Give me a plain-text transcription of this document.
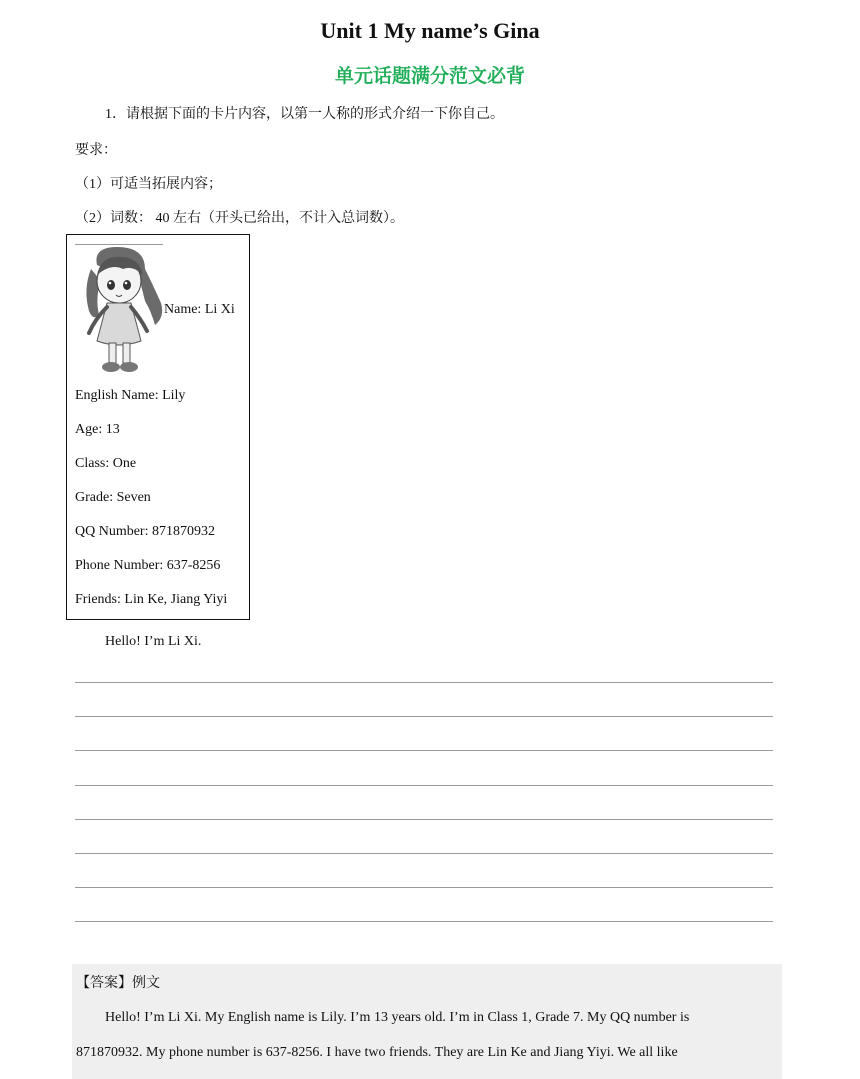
Unit 1 My name’s Gina
单元话题满分范文必背
1．请根据下面的卡片内容，以第一人称的形式介绍一下你自己。
要求：
（1）可适当拓展内容；
（2）词数： 40 左右（开头已给出，不计入总词数）。
Name: Li Xi
English Name: Lily
Age: 13
Class: One
Grade: Seven
QQ Number: 871870932
Phone Number: 637-8256
Friends: Lin Ke, Jiang Yiyi
Hello! I’m Li Xi.
【答案】例文
Hello! I’m Li Xi. My English name is Lily. I’m 13 years old. I’m in Class 1, Grade 7. My QQ number is
871870932. My phone number is 637-8256. I have two friends. They are Lin Ke and Jiang Yiyi. We all like
